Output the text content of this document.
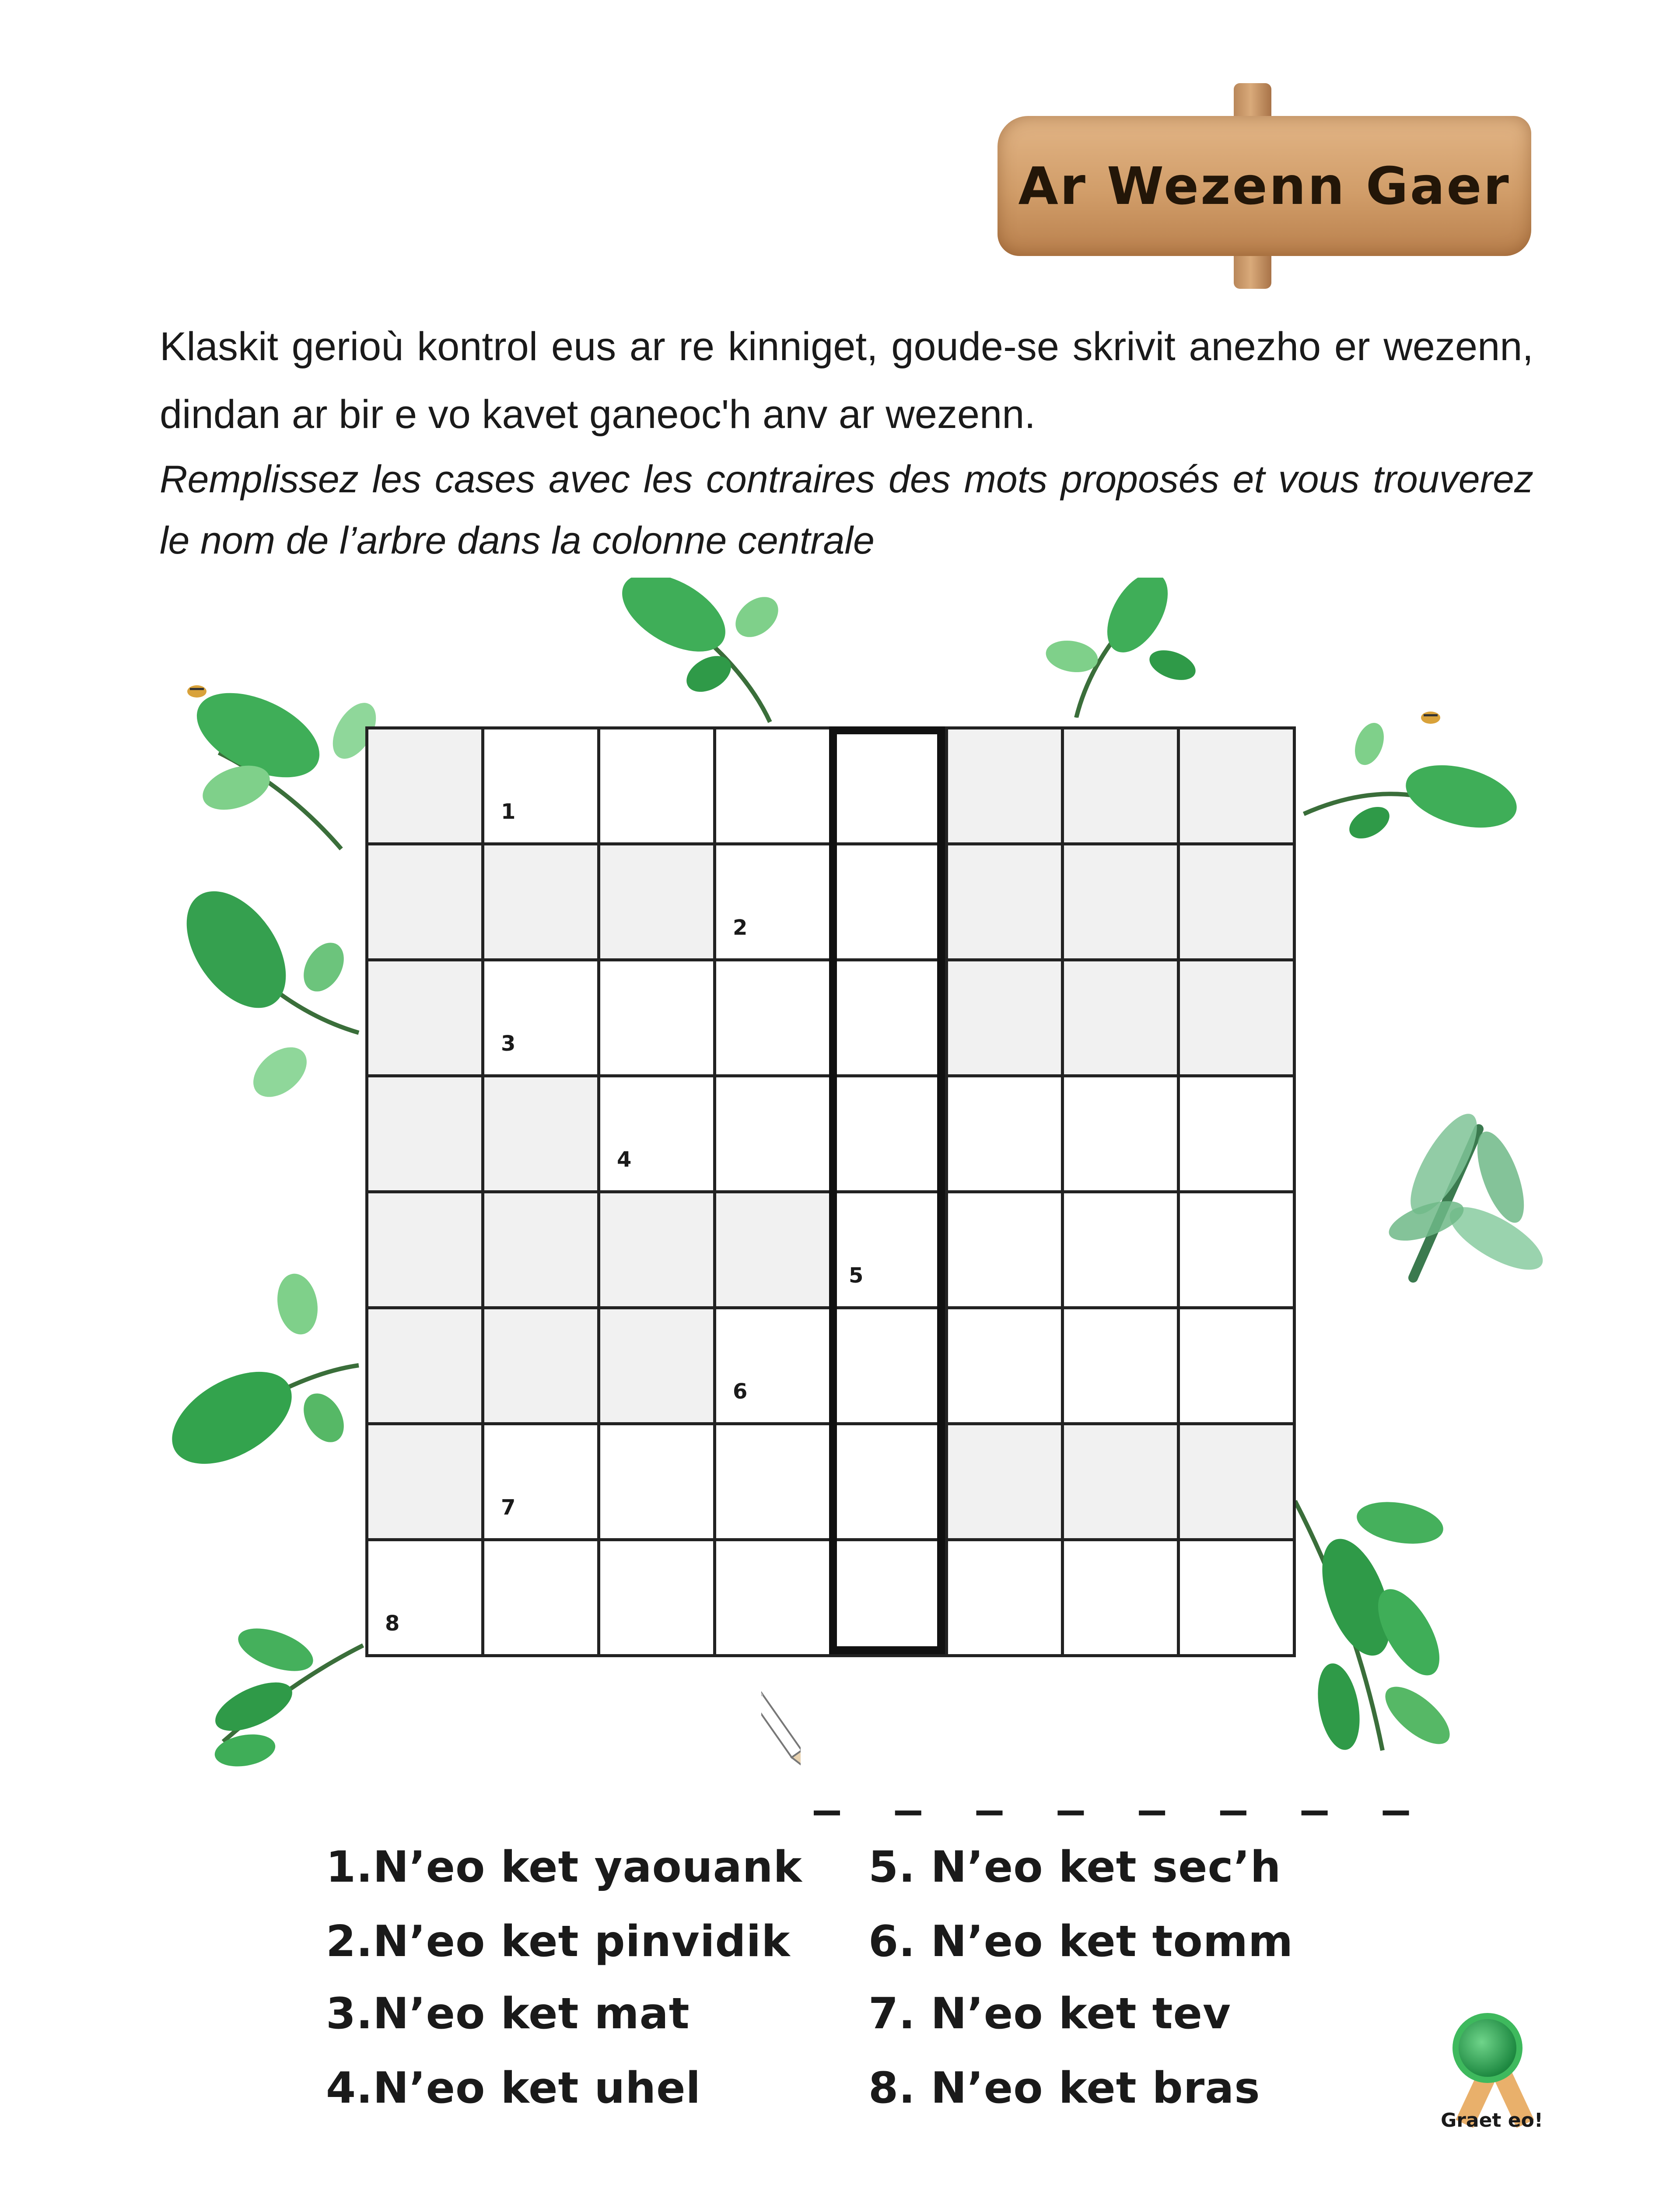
Ar Wezenn Gaer
Klaskit gerioù kontrol eus ar re kinniget, goude-se skrivit anezho er wezenn, dindan ar bir e vo kavet ganeoc'h anv ar wezenn.
Remplissez les cases avec les contraires des mots proposés et vous trouverez le nom de l’arbre dans la colonne centrale
1
2
3
4
5
6
7
8
_ _ _ _ _ _ _ _
1.N’eo ket yaouank
2.N’eo ket pinvidik
3.N’eo ket mat
4.N’eo ket uhel
5. N’eo ket sec’h
6. N’eo ket tomm
7. N’eo ket tev
8. N’eo ket bras
Graet eo!
